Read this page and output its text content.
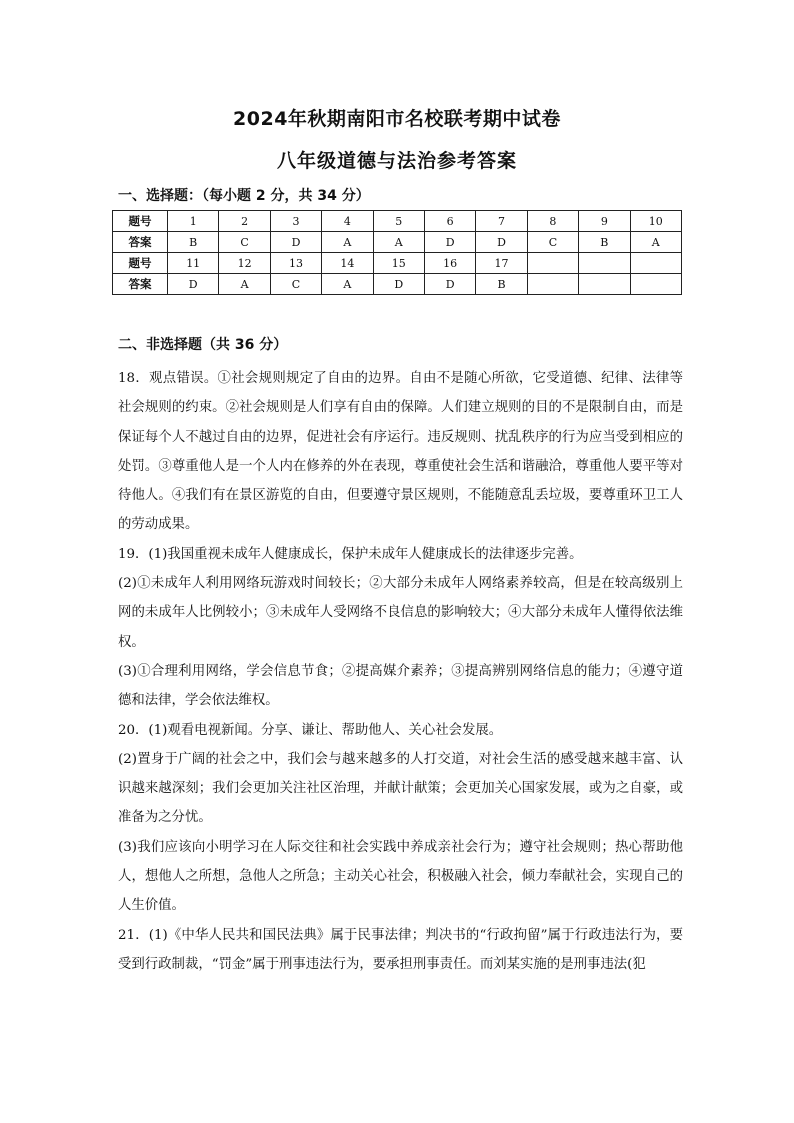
2024年秋期南阳市名校联考期中试卷
八年级道德与法治参考答案
一、选择题：（每小题 2 分，共 34 分）
题号	1	2	3	4	5	6	7	8	9	10
答案	B	C	D	A	A	D	D	C	B	A
题号	11	12	13	14	15	16	17			
答案	D	A	C	A	D	D	B			
二、非选择题（共 36 分）

18．观点错误。①社会规则规定了自由的边界。自由不是随心所欲，它受道德、纪律、法律等社会规则的约束。②社会规则是人们享有自由的保障。人们建立规则的目的不是限制自由，而是保证每个人不越过自由的边界，促进社会有序运行。违反规则、扰乱秩序的行为应当受到相应的处罚。③尊重他人是一个人内在修养的外在表现，尊重使社会生活和谐融洽，尊重他人要平等对待他人。④我们有在景区游览的自由，但要遵守景区规则，不能随意乱丢垃圾，要尊重环卫工人的劳动成果。

19．(1)我国重视未成年人健康成长，保护未成年人健康成长的法律逐步完善。

(2)①未成年人利用网络玩游戏时间较长；②大部分未成年人网络素养较高，但是在较高级别上网的未成年人比例较小；③未成年人受网络不良信息的影响较大；④大部分未成年人懂得依法维权。

(3)①合理利用网络，学会信息节食；②提高媒介素养；③提高辨别网络信息的能力；④遵守道德和法律，学会依法维权。

20．(1)观看电视新闻。分享、谦让、帮助他人、关心社会发展。

(2)置身于广阔的社会之中，我们会与越来越多的人打交道，对社会生活的感受越来越丰富、认识越来越深刻；我们会更加关注社区治理，并献计献策；会更加关心国家发展，或为之自豪，或准备为之分忧。

(3)我们应该向小明学习在人际交往和社会实践中养成亲社会行为；遵守社会规则；热心帮助他人，想他人之所想，急他人之所急；主动关心社会，积极融入社会，倾力奉献社会，实现自己的人生价值。

21．(1)《中华人民共和国民法典》属于民事法律；判决书的“行政拘留”属于行政违法行为，要受到行政制裁，“罚金”属于刑事违法行为，要承担刑事责任。而刘某实施的是刑事违法(犯
